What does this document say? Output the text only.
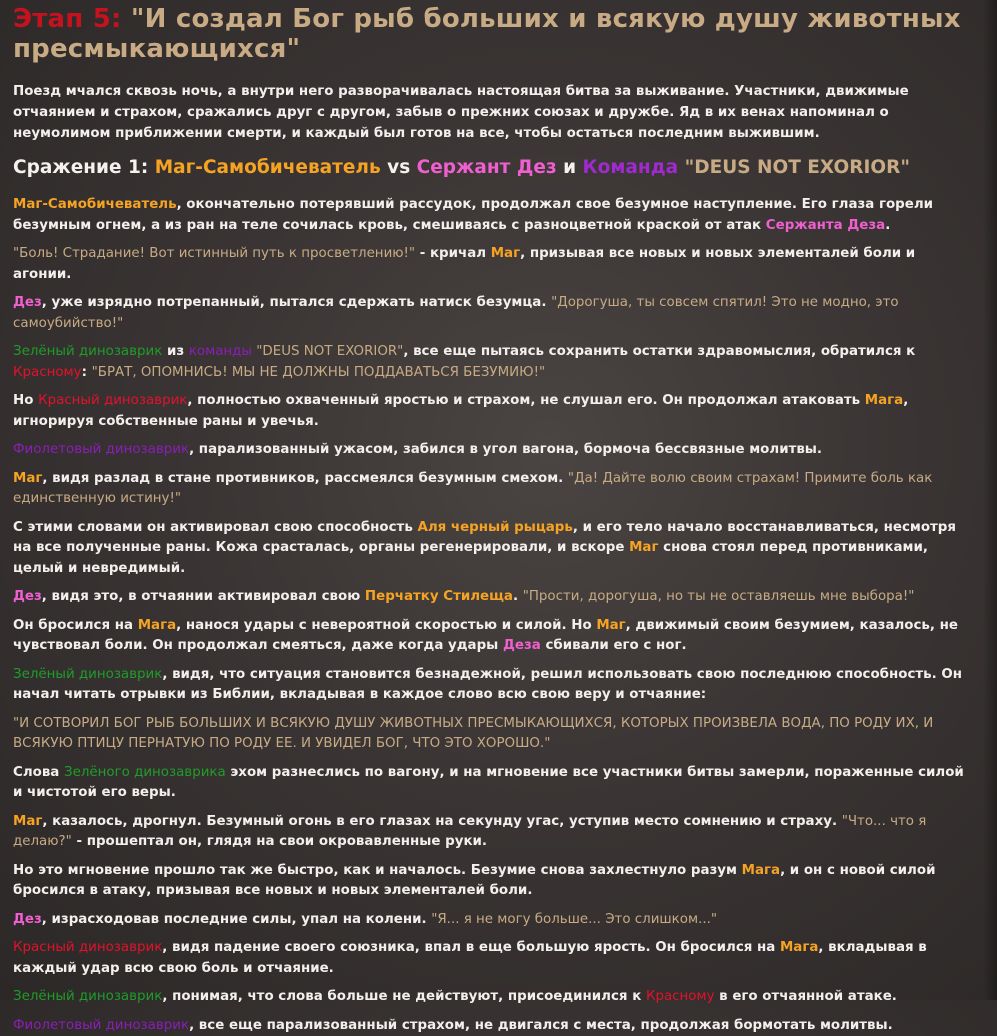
Этап 5: "И создал Бог рыб больших и всякую душу животных пресмыкающихся"

Поезд мчался сквозь ночь, а внутри него разворачивалась настоящая битва за выживание. Участники, движимые отчаянием и страхом, сражались друг с другом, забыв о прежних союзах и дружбе. Яд в их венах напоминал о неумолимом приближении смерти, и каждый был готов на все, чтобы остаться последним выжившим.

Сражение 1: Маг-Самобичеватель vs Сержант Дез и Команда "DEUS NOT EXORIOR"

Маг-Самобичеватель, окончательно потерявший рассудок, продолжал свое безумное наступление. Его глаза горели безумным огнем, а из ран на теле сочилась кровь, смешиваясь с разноцветной краской от атак Сержанта Деза.

"Боль! Страдание! Вот истинный путь к просветлению!" - кричал Маг, призывая все новых и новых элементалей боли и агонии.

Дез, уже изрядно потрепанный, пытался сдержать натиск безумца. "Дорогуша, ты совсем спятил! Это не модно, это самоубийство!"

Зелёный динозаврик из команды "DEUS NOT EXORIOR", все еще пытаясь сохранить остатки здравомыслия, обратился к Красному: "БРАТ, ОПОМНИСЬ! МЫ НЕ ДОЛЖНЫ ПОДДАВАТЬСЯ БЕЗУМИЮ!"

Но Красный динозаврик, полностью охваченный яростью и страхом, не слушал его. Он продолжал атаковать Мага, игнорируя собственные раны и увечья.

Фиолетовый динозаврик, парализованный ужасом, забился в угол вагона, бормоча бессвязные молитвы.

Маг, видя разлад в стане противников, рассмеялся безумным смехом. "Да! Дайте волю своим страхам! Примите боль как единственную истину!"

С этими словами он активировал свою способность Аля черный рыцарь, и его тело начало восстанавливаться, несмотря на все полученные раны. Кожа срасталась, органы регенерировали, и вскоре Маг снова стоял перед противниками, целый и невредимый.

Дез, видя это, в отчаянии активировал свою Перчатку Стилеща. "Прости, дорогуша, но ты не оставляешь мне выбора!"

Он бросился на Мага, нанося удары с невероятной скоростью и силой. Но Маг, движимый своим безумием, казалось, не чувствовал боли. Он продолжал смеяться, даже когда удары Деза сбивали его с ног.

Зелёный динозаврик, видя, что ситуация становится безнадежной, решил использовать свою последнюю способность. Он начал читать отрывки из Библии, вкладывая в каждое слово всю свою веру и отчаяние:

"И СОТВОРИЛ БОГ РЫБ БОЛЬШИХ И ВСЯКУЮ ДУШУ ЖИВОТНЫХ ПРЕСМЫКАЮЩИХСЯ, КОТОРЫХ ПРОИЗВЕЛА ВОДА, ПО РОДУ ИХ, И ВСЯКУЮ ПТИЦУ ПЕРНАТУЮ ПО РОДУ ЕЕ. И УВИДЕЛ БОГ, ЧТО ЭТО ХОРОШО."

Слова Зелёного динозаврика эхом разнеслись по вагону, и на мгновение все участники битвы замерли, пораженные силой и чистотой его веры.

Маг, казалось, дрогнул. Безумный огонь в его глазах на секунду угас, уступив место сомнению и страху. "Что... что я делаю?" - прошептал он, глядя на свои окровавленные руки.

Но это мгновение прошло так же быстро, как и началось. Безумие снова захлестнуло разум Мага, и он с новой силой бросился в атаку, призывая все новых и новых элементалей боли.

Дез, израсходовав последние силы, упал на колени. "Я... я не могу больше... Это слишком..."

Красный динозаврик, видя падение своего союзника, впал в еще большую ярость. Он бросился на Мага, вкладывая в каждый удар всю свою боль и отчаяние.

Зелёный динозаврик, понимая, что слова больше не действуют, присоединился к Красному в его отчаянной атаке.

Фиолетовый динозаврик, все еще парализованный страхом, не двигался с места, продолжая бормотать молитвы.
